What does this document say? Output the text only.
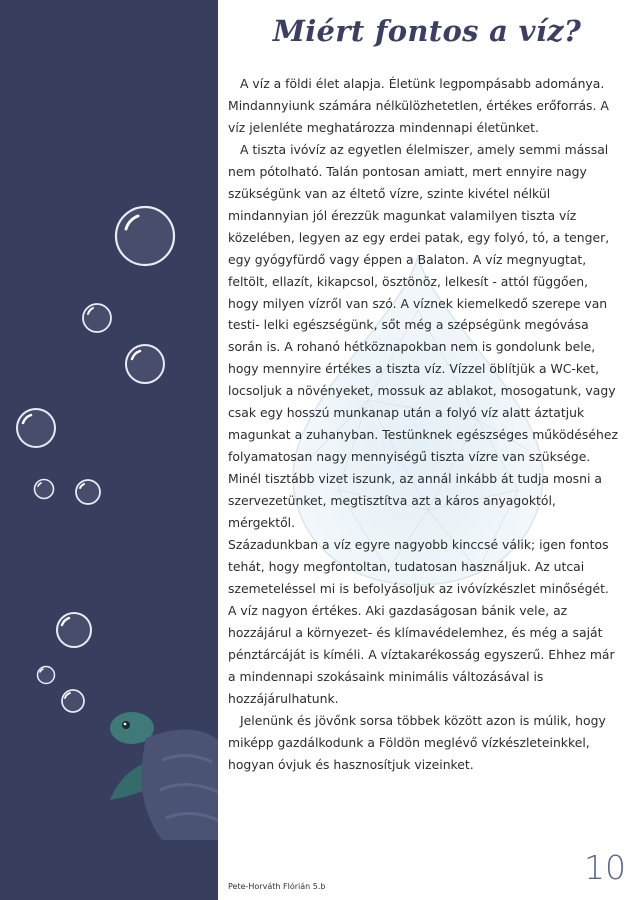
Miért fontos a víz?

A víz a földi élet alapja. Életünk legpompásabb adománya. Mindannyiunk számára nélkülözhetetlen, értékes erőforrás. A víz jelenléte meghatározza mindennapi életünket.

A tiszta ivóvíz az egyetlen élelmiszer, amely semmi mással nem pótolható. Talán pontosan amiatt, mert ennyire nagy szükségünk van az éltető vízre, szinte kivétel nélkül mindannyian jól érezzük magunkat valamilyen tiszta víz közelében, legyen az egy erdei patak, egy folyó, tó, a tenger, egy gyógyfürdő vagy éppen a Balaton. A víz megnyugtat, feltölt, ellazít, kikapcsol, ösztönöz, lelkesít - attól függően, hogy milyen vízről van szó. A víznek kiemelkedő szerepe van testi- lelki egészségünk, sőt még a szépségünk megóvása során is. A rohanó hétköznapokban nem is gondolunk bele, hogy mennyire értékes a tiszta víz. Vízzel öblítjük a WC-ket, locsoljuk a növényeket, mossuk az ablakot, mosogatunk, vagy csak egy hosszú munkanap után a folyó víz alatt áztatjuk magunkat a zuhanyban. Testünknek egészséges működéséhez folyamatosan nagy mennyiségű tiszta vízre van szüksége. Minél tisztább vizet iszunk, az annál inkább át tudja mosni a szervezetünket, megtisztítva azt a káros anyagoktól, mérgektől.

Századunkban a víz egyre nagyobb kinccsé válik; igen fontos tehát, hogy megfontoltan, tudatosan használjuk. Az utcai szemeteléssel mi is befolyásoljuk az ivóvízkészlet minőségét. A víz nagyon értékes. Aki gazdaságosan bánik vele, az hozzájárul a környezet- és klímavédelemhez, és még a saját pénztárcáját is kíméli. A víztakarékosság egyszerű. Ehhez már a mindennapi szokásaink minimális változásával is hozzájárulhatunk.

Jelenünk és jövőnk sorsa többek között azon is múlik, hogy miképp gazdálkodunk a Földön meglévő vízkészleteinkkel, hogyan óvjuk és hasznosítjuk vizeinket.

Pete-Horváth Flórián 5.b	10
